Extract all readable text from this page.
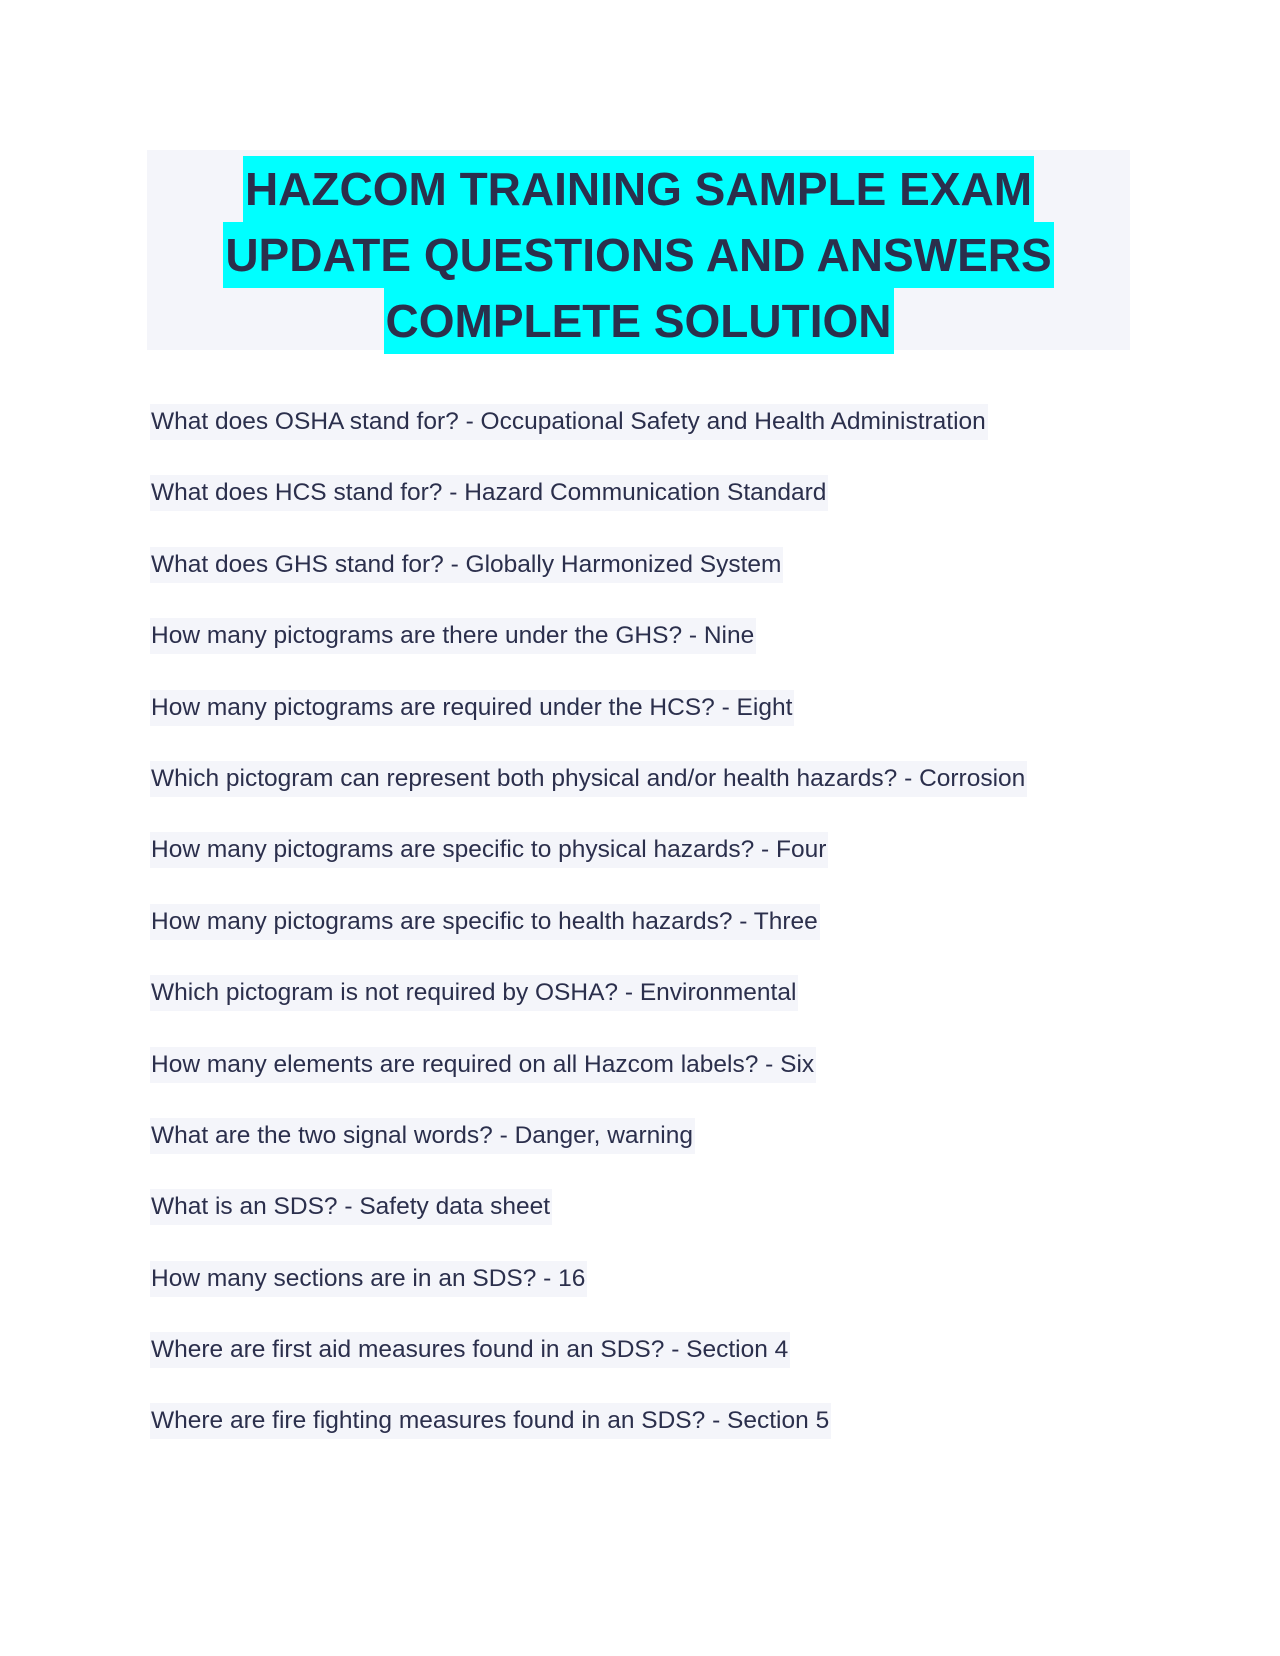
HAZCOM TRAINING SAMPLE EXAM
UPDATE QUESTIONS AND ANSWERS
COMPLETE SOLUTION
What does OSHA stand for? - Occupational Safety and Health Administration
What does HCS stand for? - Hazard Communication Standard
What does GHS stand for? - Globally Harmonized System
How many pictograms are there under the GHS? - Nine
How many pictograms are required under the HCS? - Eight
Which pictogram can represent both physical and/or health hazards? - Corrosion
How many pictograms are specific to physical hazards? - Four
How many pictograms are specific to health hazards? - Three
Which pictogram is not required by OSHA? - Environmental
How many elements are required on all Hazcom labels? - Six
What are the two signal words? - Danger, warning
What is an SDS? - Safety data sheet
How many sections are in an SDS? - 16
Where are first aid measures found in an SDS? - Section 4
Where are fire fighting measures found in an SDS? - Section 5
